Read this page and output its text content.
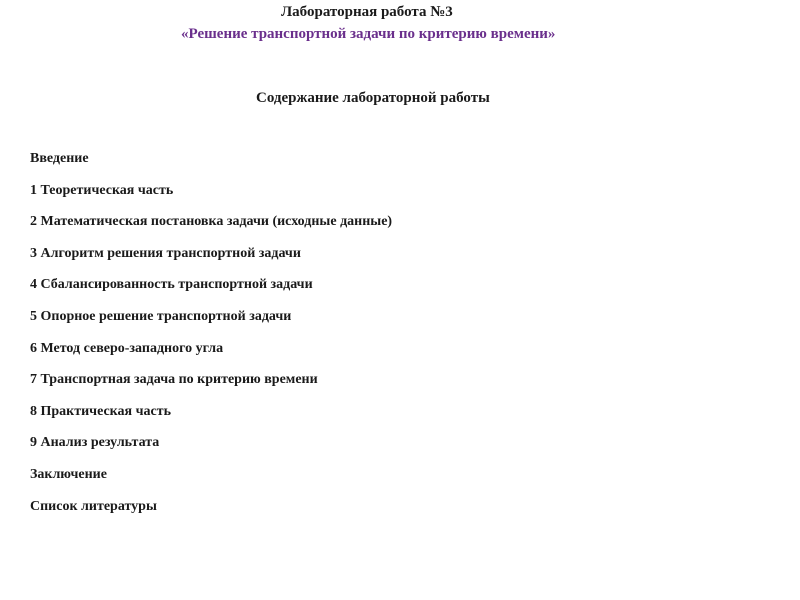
Лабораторная работа №3
«Решение транспортной задачи по критерию времени»
Содержание лабораторной работы
Введение
1 Теоретическая часть
2 Математическая постановка задачи (исходные данные)
3 Алгоритм решения транспортной задачи
4 Сбалансированность транспортной задачи
5 Опорное решение транспортной задачи
6 Метод северо-западного угла
7 Транспортная задача по критерию времени
8 Практическая часть
9 Анализ результата
Заключение
Список литературы
